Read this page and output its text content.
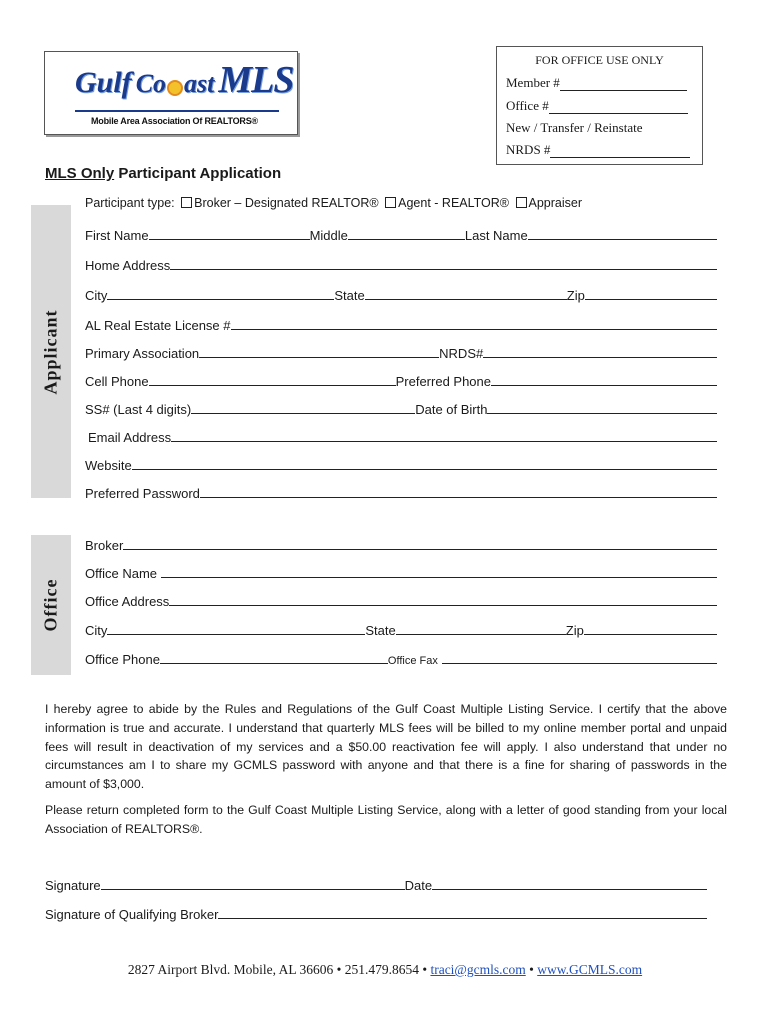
Gulf Co ast MLS
Mobile Area Association Of REALTORS®
FOR OFFICE USE ONLY
Member #
Office #
New / Transfer / Reinstate
NRDS #
MLS Only Participant Application
Participant type: Broker – Designated REALTOR® Agent - REALTOR® Appraiser
Applicant
First Name	Middle	Last Name
Home Address
City	State	Zip
AL Real Estate License #
Primary Association	NRDS#
Cell Phone	Preferred Phone
SS# (Last 4 digits)	Date of Birth
Email Address
Website
Preferred Password
Office
Broker
Office Name
Office Address
City	State	Zip
Office Phone	Office Fax
I hereby agree to abide by the Rules and Regulations of the Gulf Coast Multiple Listing Service. I certify that the above information is true and accurate. I understand that quarterly MLS fees will be billed to my online member portal and unpaid fees will result in deactivation of my services and a $50.00 reactivation fee will apply. I also understand that under no circumstances am I to share my GCMLS password with anyone and that there is a fine for sharing of passwords in the amount of $3,000.
Please return completed form to the Gulf Coast Multiple Listing Service, along with a letter of good standing from your local Association of REALTORS®.
Signature	Date
Signature of Qualifying Broker
2827 Airport Blvd. Mobile, AL 36606 • 251.479.8654 • traci@gcmls.com • www.GCMLS.com
